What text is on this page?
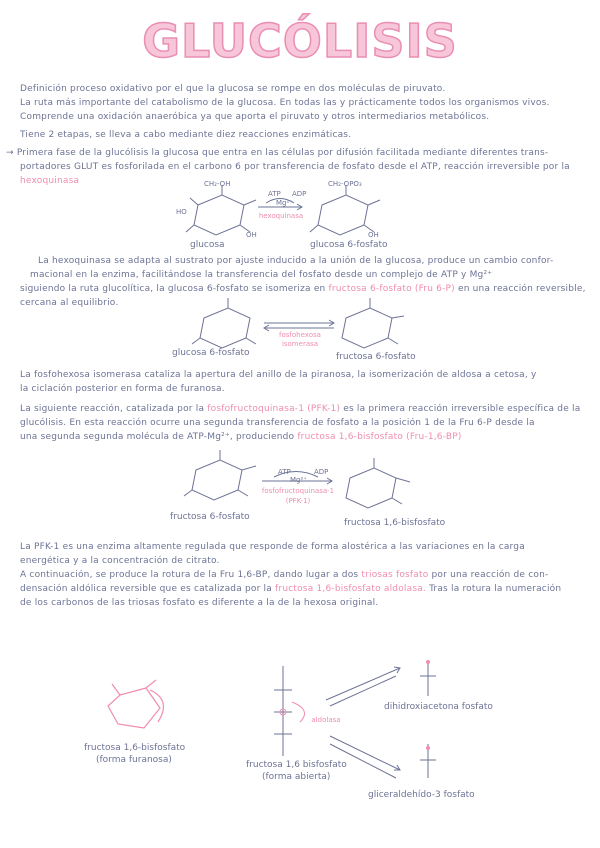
GLUCÓLISIS

Definición proceso oxidativo por el que la glucosa se rompe en dos moléculas de piruvato.

La ruta más importante del catabolismo de la glucosa. En todas las y prácticamente todos los organismos vivos.

Comprende una oxidación anaeróbica ya que aporta el piruvato y otros intermediarios metabólicos.

Tiene 2 etapas, se lleva a cabo mediante diez reacciones enzimáticas.

→ Primera fase de la glucólisis la glucosa que entra en las células por difusión facilitada mediante diferentes trans-

portadores GLUT es fosforilada en el carbono 6 por transferencia de fosfato desde el ATP, reacción irreversible por la hexoquinasa

La hexoquinasa se adapta al sustrato por ajuste inducido a la unión de la glucosa, produce un cambio confor-

macional en la enzima, facilitándose la transferencia del fosfato desde un complejo de ATP y Mg²⁺

siguiendo la ruta glucolítica, la glucosa 6-fosfato se isomeriza en fructosa 6-fosfato (Fru 6-P) en una reacción reversible,

cercana al equilibrio.

La fosfohexosa isomerasa cataliza la apertura del anillo de la piranosa, la isomerización de aldosa a cetosa, y

la ciclación posterior en forma de furanosa.

La siguiente reacción, catalizada por la fosfofructoquinasa-1 (PFK-1) es la primera reacción irreversible específica de la

glucólisis. En esta reacción ocurre una segunda transferencia de fosfato a la posición 1 de la Fru 6-P desde la

una segunda segunda molécula de ATP-Mg²⁺, produciendo fructosa 1,6-bisfosfato (Fru-1,6-BP)

La PFK-1 es una enzima altamente regulada que responde de forma alostérica a las variaciones en la carga

energética y a la concentración de citrato.

A continuación, se produce la rotura de la Fru 1,6-BP, dando lugar a dos triosas fosfato por una reacción de con-

densación aldólica reversible que es catalizada por la fructosa 1,6-bisfosfato aldolasa. Tras la rotura la numeración

de los carbonos de las triosas fosfato es diferente a la de la hexosa original.

CH₂-OH	CH₂-OPO₃
HO
OH	OH
ATP ADP
Mg²⁺
hexoquinasa
glucosa	glucosa 6-fosfato
fosfohexosa
isomerasa
glucosa 6-fosfato	fructosa 6-fosfato
ATP	ADP
Mg²⁺
fosfofructoquinasa-1
(PFK-1)
fructosa 6-fosfato
fructosa 1,6-bisfosfato
fructosa 1,6-bisfosfato
(forma furanosa)	fructosa 1,6 bisfosfato
(forma abierta)
aldolasa
dihidroxiacetona fosfato
gliceraldehído-3 fosfato
